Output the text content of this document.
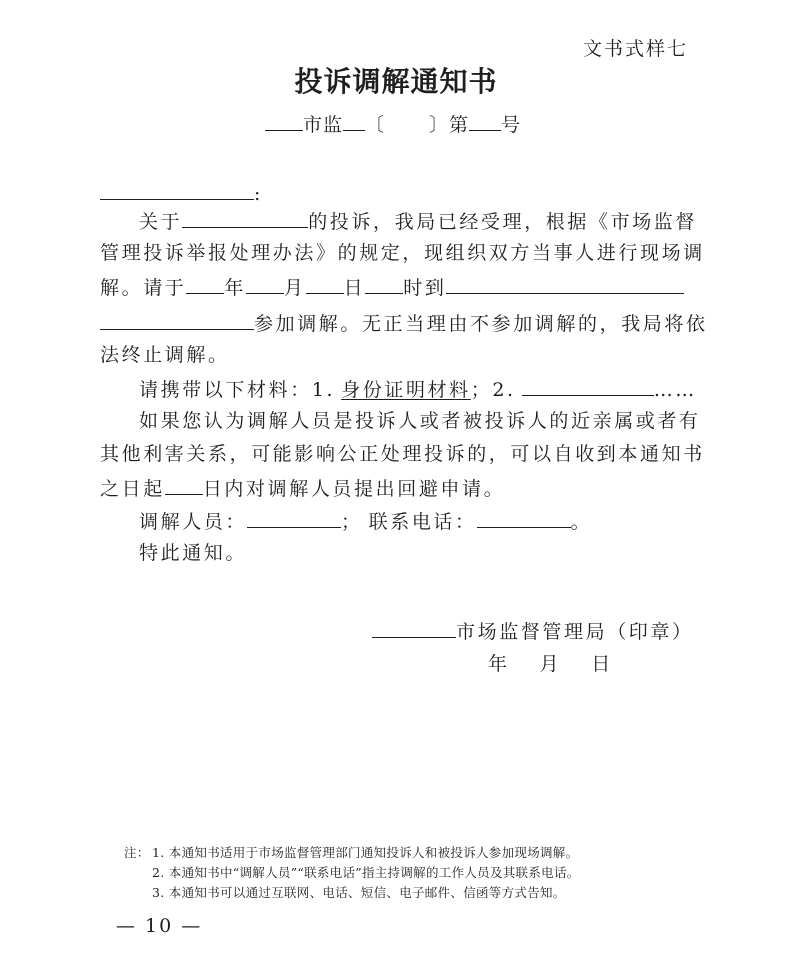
文书式样七
投诉调解通知书
市监 〔 〕第 号
:
关于	的投诉，我局已经受理，根据《市场监督
管理投诉举报处理办法》的规定，现组织双方当事人进行现场调
解。请于 年 月 日 时到
参加调解。无正当理由不参加调解的，我局将依
法终止调解。
请携带以下材料：1. 身份证明材料；2.	……
如果您认为调解人员是投诉人或者被投诉人的近亲属或者有
其他利害关系，可能影响公正处理投诉的，可以自收到本通知书
之日起 日内对调解人员提出回避申请。
调解人员：	； 联系电话：	。
特此通知。
市场监督管理局（印章）
年 月 日
注： 1. 本通知书适用于市场监督管理部门通知投诉人和被投诉人参加现场调解。
2. 本通知书中“调解人员”“联系电话”指主持调解的工作人员及其联系电话。
3. 本通知书可以通过互联网、电话、短信、电子邮件、信函等方式告知。
— 10 —
